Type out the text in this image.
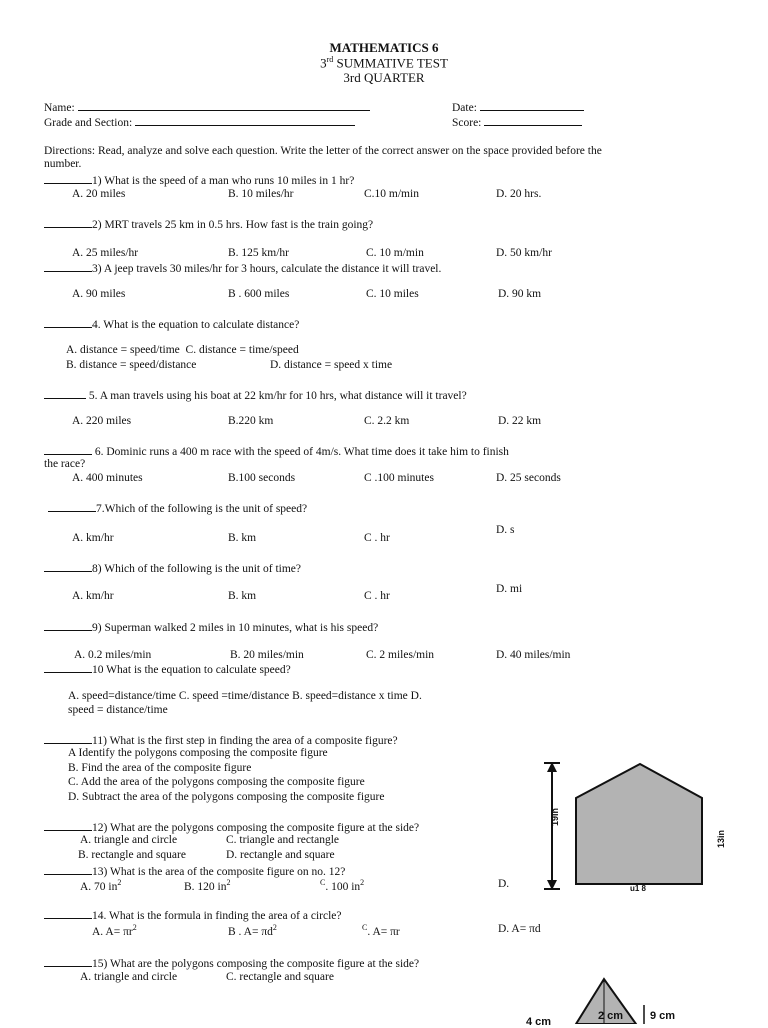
MATHEMATICS 6
3rd SUMMATIVE TEST
3rd QUARTER
Name:
Grade and Section:
Date:
Score:
Directions: Read, analyze and solve each question. Write the letter of the correct answer on the space provided before the
number.
1) What is the speed of a man who runs 10 miles in 1 hr?
A. 20 miles	B. 10 miles/hr	C.10 m/min	D. 20 hrs.
2) MRT travels 25 km in 0.5 hrs. How fast is the train going?
A. 25 miles/hr	B. 125 km/hr	C. 10 m/min	D. 50 km/hr
3) A jeep travels 30 miles/hr for 3 hours, calculate the distance it will travel.
A. 90 miles	B . 600 miles	C. 10 miles	D. 90 km
4. What is the equation to calculate distance?
A. distance = speed/time C. distance = time/speed
B. distance = speed/distance	D. distance = speed x time
5. A man travels using his boat at 22 km/hr for 10 hrs, what distance will it travel?
A. 220 miles	B.220 km	C. 2.2 km	D. 22 km
6. Dominic runs a 400 m race with the speed of 4m/s. What time does it take him to finish
the race?
A. 400 minutes	B.100 seconds	C .100 minutes	D. 25 seconds
7.Which of the following is the unit of speed?
A. km/hr	B. km	C . hr
D. s
8) Which of the following is the unit of time?
A. km/hr	B. km	C . hr
D. mi
9) Superman walked 2 miles in 10 minutes, what is his speed?
A. 0.2 miles/min	B. 20 miles/min	C. 2 miles/min	D. 40 miles/min
10 What is the equation to calculate speed?
A. speed=distance/time C. speed =time/distance B. speed=distance x time D.
speed = distance/time
11) What is the first step in finding the area of a composite figure?
A Identify the polygons composing the composite figure
B. Find the area of the composite figure
C. Add the area of the polygons composing the composite figure
D. Subtract the area of the polygons composing the composite figure
12) What are the polygons composing the composite figure at the side?
A. triangle and circle	C. triangle and rectangle
B. rectangle and square	D. rectangle and square
13) What is the area of the composite figure on no. 12?
A. 70 $in^2$	B. 120 $in^2$	$^C$. 100 $in^2$	D.
14. What is the formula in finding the area of a circle?
A. $A= \pi r^2$	B . $A= \pi d^2$	$^C$. A= πr	D. A= πd
15) What are the polygons composing the composite figure at the side?
A. triangle and circle	C. rectangle and square
19in
13in
u1 8
2 cm 9 cm
4 cm
